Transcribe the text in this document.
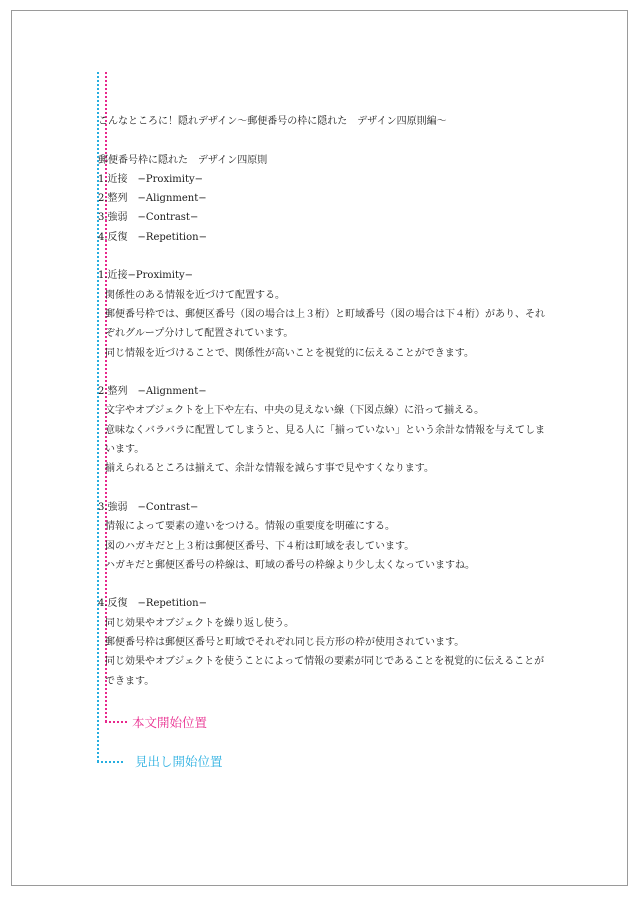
本文開始位置
見出し開始位置
こんなところに！隠れデザイン〜郵便番号の枠に隠れた　デザイン四原則編〜
郵便番号枠に隠れた　デザイン四原則
1.近接　−Proximity−
2.整列　−Alignment−
3.強弱　−Contrast−
4.反復　−Repetition−
1.近接−Proximity−
関係性のある情報を近づけて配置する。
郵便番号枠では、郵便区番号（図の場合は上３桁）と町域番号（図の場合は下４桁）があり、それぞれグループ分けして配置されています。
同じ情報を近づけることで、関係性が高いことを視覚的に伝えることができます。
2.整列　−Alignment−
文字やオブジェクトを上下や左右、中央の見えない線（下図点線）に沿って揃える。
意味なくバラバラに配置してしまうと、見る人に「揃っていない」という余計な情報を与えてしまいます。
揃えられるところは揃えて、余計な情報を減らす事で見やすくなります。
3.強弱　−Contrast−
情報によって要素の違いをつける。情報の重要度を明確にする。
図のハガキだと上３桁は郵便区番号、下４桁は町域を表しています。
ハガキだと郵便区番号の枠線は、町域の番号の枠線より少し太くなっていますね。
4.反復　−Repetition−
同じ効果やオブジェクトを繰り返し使う。
郵便番号枠は郵便区番号と町域でそれぞれ同じ長方形の枠が使用されています。
同じ効果やオブジェクトを使うことによって情報の要素が同じであることを視覚的に伝えることができます。
